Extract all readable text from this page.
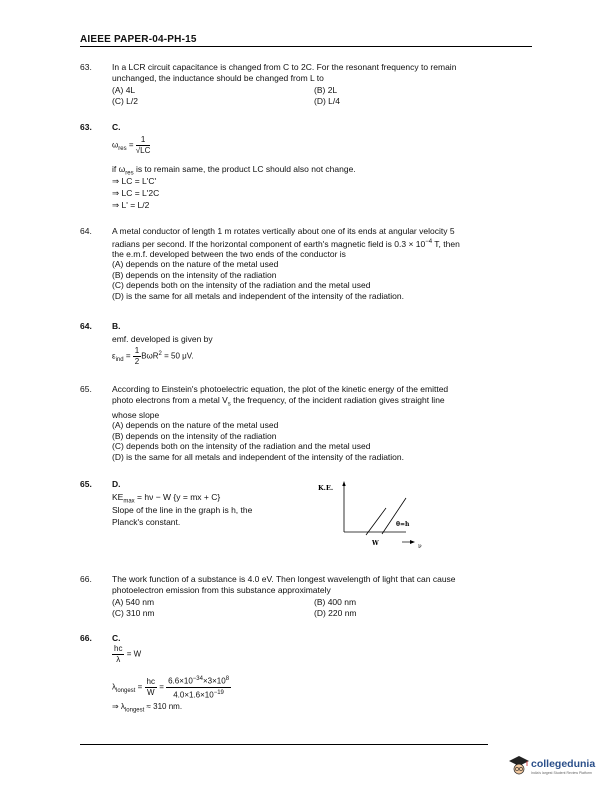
AIEEE PAPER-04-PH-15
63. In a LCR circuit capacitance is changed from C to 2C. For the resonant frequency to remain
unchanged, the inductance should be changed from L to
(A) 4L	(B) 2L
(C) L/2	(D) L/4
63. C.
$\omega_{res} = \frac{1}{√LC}$
if $\omega_{res}$ is to remain same, the product LC should also not change.
⇒ LC = L'C'
⇒ LC = L'2C
⇒ L' = L/2
64. A metal conductor of length 1 m rotates vertically about one of its ends at angular velocity 5
radians per second. If the horizontal component of earth's magnetic field is $0.3 \times 10^{-4}$ T, then
the e.m.f. developed between the two ends of the conductor is
(A) depends on the nature of the metal used
(B) depends on the intensity of the radiation
(C) depends both on the intensity of the radiation and the metal used
(D) is the same for all metals and independent of the intensity of the radiation.
64. B.
emf. developed is given by
$\varepsilon_{ind} = \frac{1}{2} B\omega R^2 = 50$ μV.
65. According to Einstein's photoelectric equation, the plot of the kinetic energy of the emitted
photo electrons from a metal $V_s$ the frequency, of the incident radiation gives straight line
whose slope
(A) depends on the nature of the metal used
(B) depends on the intensity of the radiation
(C) depends both on the intensity of the radiation and the metal used
(D) is the same for all metals and independent of the intensity of the radiation.
65. D.
$KE_{max} = h\nu - W$ {y = mx + C}
Slope of the line in the graph is h, the
Planck's constant.
K.E.
W	ν
θ=h
66. The work function of a substance is 4.0 eV. Then longest wavelength of light that can cause
photoelectron emission from this substance approximately
(A) 540 nm	(B) 400 nm
(C) 310 nm	(D) 220 nm
66. C.
$\frac{hc}{\lambda} = W$
$\lambda_{longest} = \frac{hc}{W} = \frac{6.6\times 10^{-34}\times 3\times 10^8}{4.0\times 1.6\times 10^{-19}}$
⇒ $\lambda_{longest} \approx 310$ nm.
collegedunia
India's largest Student Review Platform
